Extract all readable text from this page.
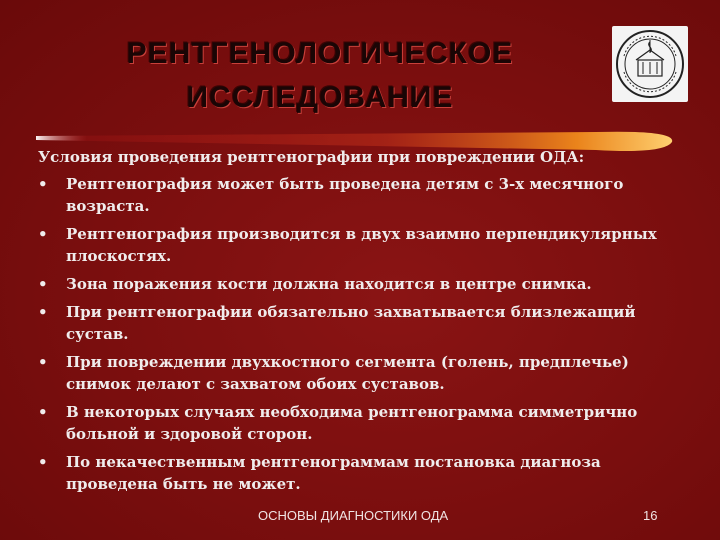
РЕНТГЕНОЛОГИЧЕСКОЕ
ИССЛЕДОВАНИЕ
Условия проведения рентгенографии при повреждении ОДА:
•	Рентгенография может быть проведена детям с 3-х месячного возраста.
•	Рентгенография производится в двух взаимно перпендикулярных плоскостях.
•	Зона поражения кости должна находится в центре снимка.
•	При рентгенографии обязательно захватывается близлежащий сустав.
•	При повреждении двухкостного сегмента (голень, предплечье) снимок делают с захватом обоих суставов.
•	В некоторых случаях необходима рентгенограмма симметрично больной и здоровой сторон.
•	По некачественным рентгенограммам постановка диагноза проведена быть не может.
ОСНОВЫ ДИАГНОСТИКИ ОДА	16
